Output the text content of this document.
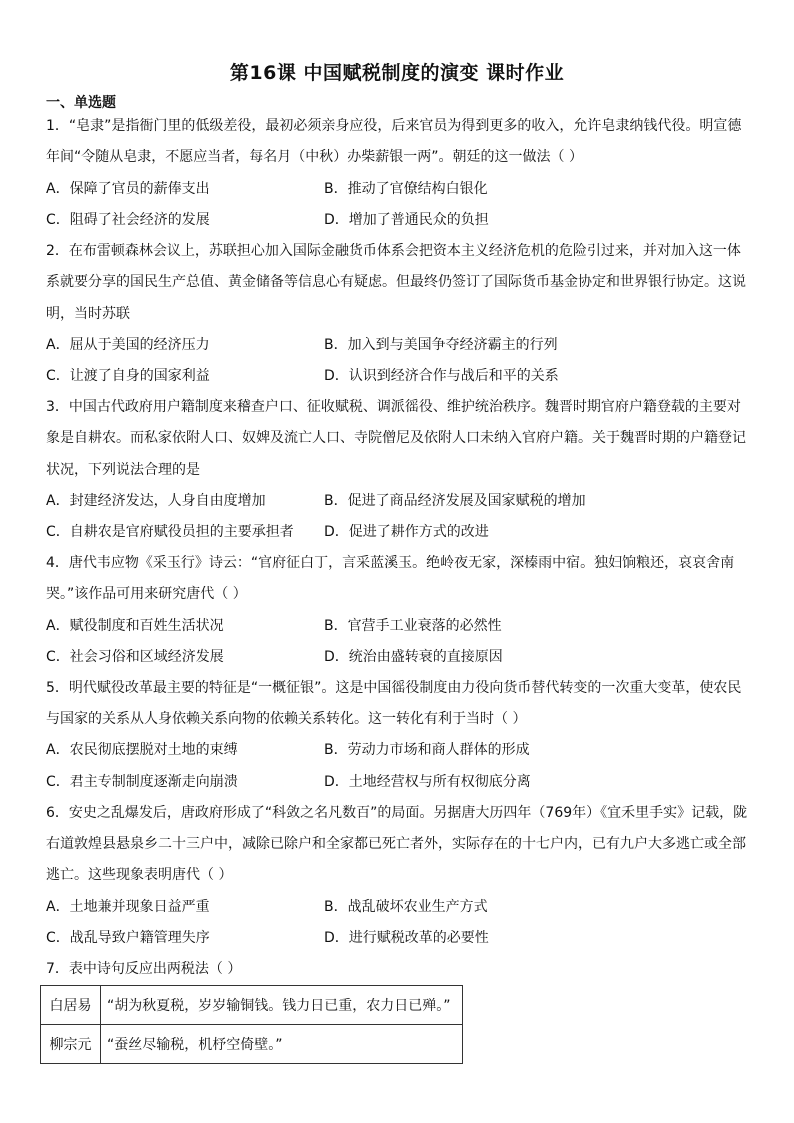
第16课 中国赋税制度的演变 课时作业
一、单选题
1．“皂隶”是指衙门里的低级差役，最初必须亲身应役，后来官员为得到更多的收入，允许皂隶纳钱代役。明宣德
年间“令随从皂隶，不愿应当者，每名月（中秋）办柴薪银一两”。朝廷的这一做法（ ）
A．保障了官员的薪俸支出	B．推动了官僚结构白银化
C．阻碍了社会经济的发展	D．增加了普通民众的负担
2．在布雷顿森林会议上，苏联担心加入国际金融货币体系会把资本主义经济危机的危险引过来，并对加入这一体
系就要分享的国民生产总值、黄金储备等信息心有疑虑。但最终仍签订了国际货币基金协定和世界银行协定。这说
明，当时苏联
A．屈从于美国的经济压力	B．加入到与美国争夺经济霸主的行列
C．让渡了自身的国家利益	D．认识到经济合作与战后和平的关系
3．中国古代政府用户籍制度来稽查户口、征收赋税、调派徭役、维护统治秩序。魏晋时期官府户籍登载的主要对
象是自耕农。而私家依附人口、奴婢及流亡人口、寺院僧尼及依附人口未纳入官府户籍。关于魏晋时期的户籍登记
状况，下列说法合理的是
A．封建经济发达，人身自由度增加	B．促进了商品经济发展及国家赋税的增加
C．自耕农是官府赋役员担的主要承担者 D．促进了耕作方式的改进
4．唐代韦应物《采玉行》诗云：“官府征白丁，言采蓝溪玉。绝岭夜无家，深榛雨中宿。独妇饷粮还，哀哀舍南
哭。”该作品可用来研究唐代（ ）
A．赋役制度和百姓生活状况	B．官营手工业衰落的必然性
C．社会习俗和区域经济发展	D．统治由盛转衰的直接原因
5．明代赋役改革最主要的特征是“一概征银”。这是中国徭役制度由力役向货币替代转变的一次重大变革，使农民
与国家的关系从人身依赖关系向物的依赖关系转化。这一转化有利于当时（ ）
A．农民彻底摆脱对土地的束缚	B．劳动力市场和商人群体的形成
C．君主专制制度逐渐走向崩溃	D．土地经营权与所有权彻底分离
6．安史之乱爆发后，唐政府形成了“科敛之名凡数百”的局面。另据唐大历四年（769年）《宜禾里手实》记载，陇
右道敦煌县悬泉乡二十三户中，减除已除户和全家都已死亡者外，实际存在的十七户内，已有九户大多逃亡或全部
逃亡。这些现象表明唐代（ ）
A．土地兼并现象日益严重	B．战乱破坏农业生产方式
C．战乱导致户籍管理失序	D．进行赋税改革的必要性
7．表中诗句反应出两税法（ ）
白居易	“胡为秋夏税，岁岁输铜钱。钱力日已重，农力日已殚。”
柳宗元	“蚕丝尽输税，机杼空倚壁。”
